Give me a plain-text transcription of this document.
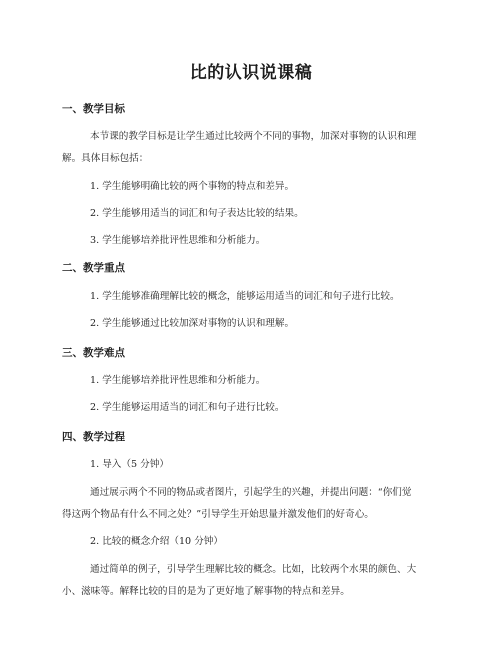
比的认识说课稿
一、教学目标
本节课的教学目标是让学生通过比较两个不同的事物，加深对事物的认识和理
解。具体目标包括：
1. 学生能够明确比较的两个事物的特点和差异。
2. 学生能够用适当的词汇和句子表达比较的结果。
3. 学生能够培养批评性思维和分析能力。
二、教学重点
1. 学生能够准确理解比较的概念，能够运用适当的词汇和句子进行比较。
2. 学生能够通过比较加深对事物的认识和理解。
三、教学难点
1. 学生能够培养批评性思维和分析能力。
2. 学生能够运用适当的词汇和句子进行比较。
四、教学过程
1. 导入（5 分钟）
通过展示两个不同的物品或者图片，引起学生的兴趣，并提出问题：“你们觉
得这两个物品有什么不同之处？”引导学生开始思量并激发他们的好奇心。
2. 比较的概念介绍（10 分钟）
通过简单的例子，引导学生理解比较的概念。比如，比较两个水果的颜色、大
小、滋味等。解释比较的目的是为了更好地了解事物的特点和差异。
